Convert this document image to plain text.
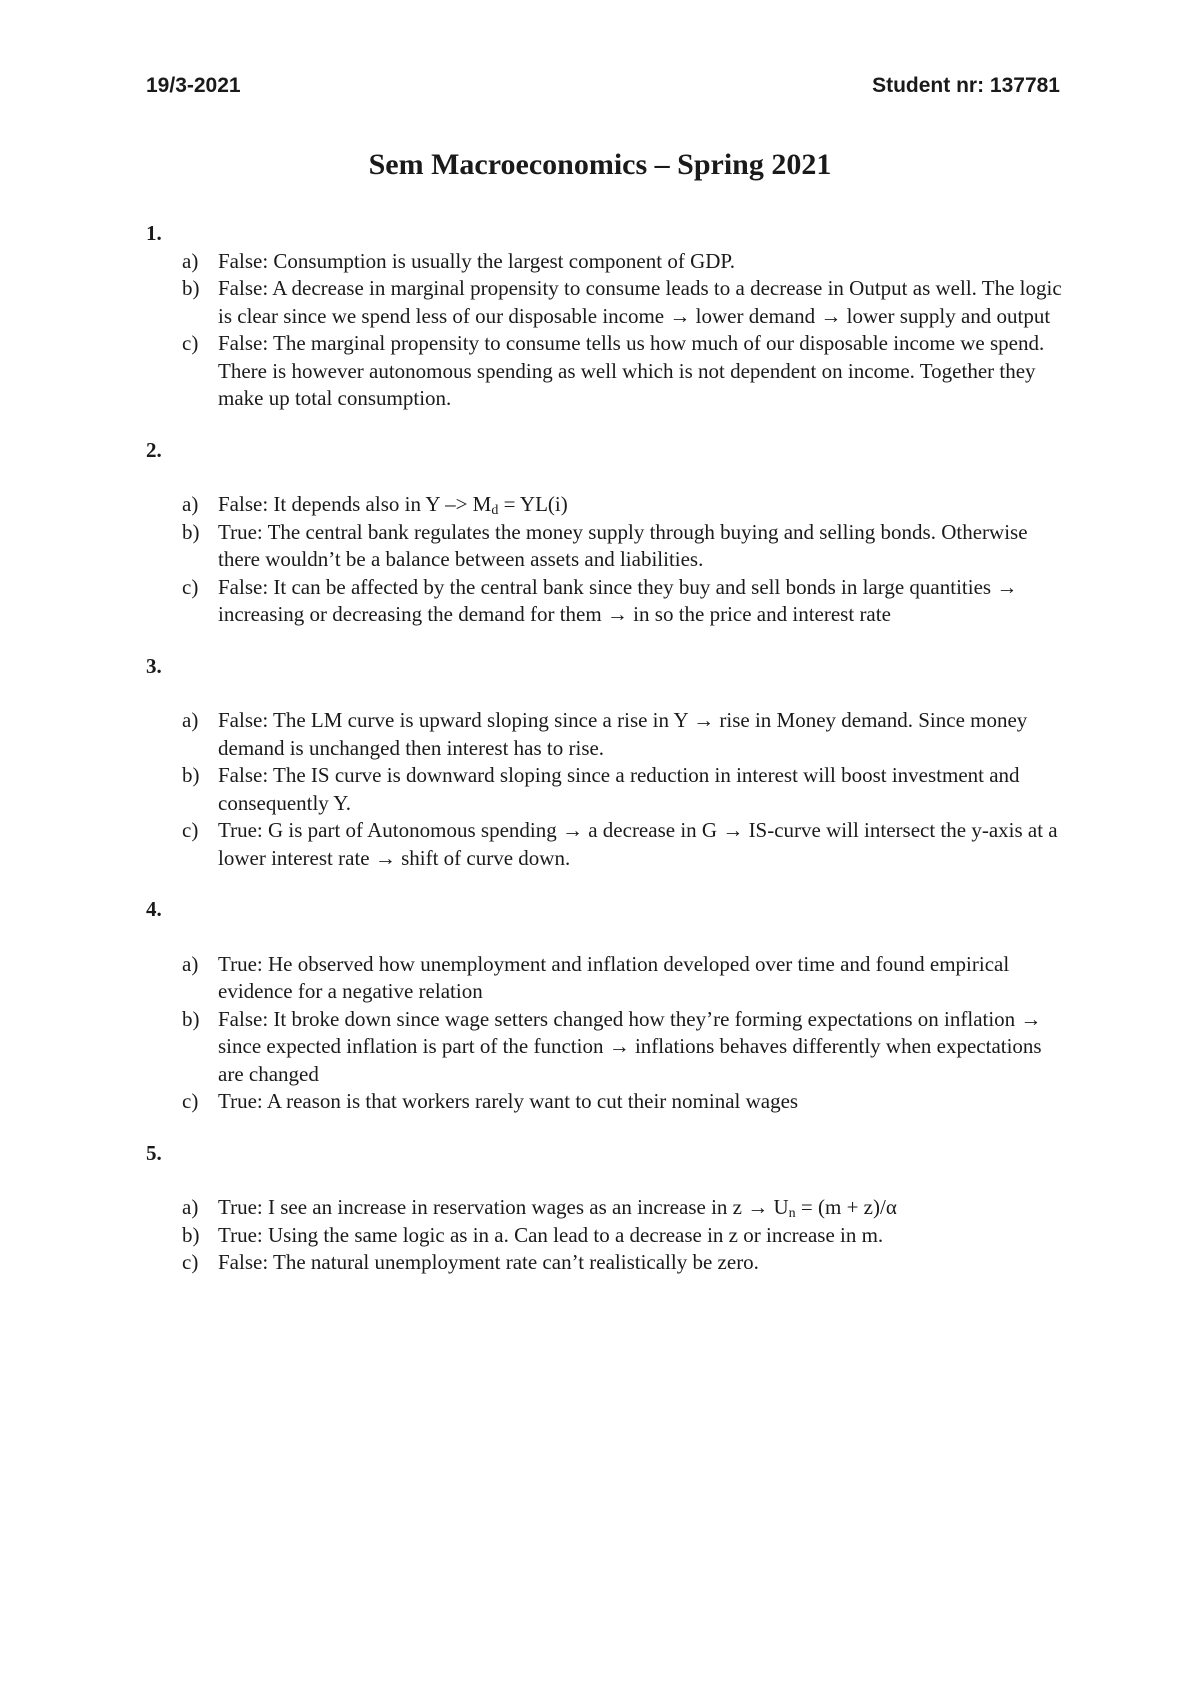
19/3-2021	Student nr: 137781
Sem Macroeconomics – Spring 2021
1.
a) False: Consumption is usually the largest component of GDP.
b) False: A decrease in marginal propensity to consume leads to a decrease in Output as well. The logic is clear since we spend less of our disposable income → lower demand → lower supply and output
c) False: The marginal propensity to consume tells us how much of our disposable income we spend. There is however autonomous spending as well which is not dependent on income. Together they make up total consumption.
2.
a) False: It depends also in $Y -> M_d = YL(i)$
b) True: The central bank regulates the money supply through buying and selling bonds. Otherwise there wouldn’t be a balance between assets and liabilities.
c) False: It can be affected by the central bank since they buy and sell bonds in large quantities → increasing or decreasing the demand for them → in so the price and interest rate
3.
a) False: The LM curve is upward sloping since a rise in Y → rise in Money demand. Since money demand is unchanged then interest has to rise.
b) False: The IS curve is downward sloping since a reduction in interest will boost investment and consequently Y.
c) True: G is part of Autonomous spending → a decrease in G → IS-curve will intersect the y-axis at a lower interest rate → shift of curve down.
4.
a) True: He observed how unemployment and inflation developed over time and found empirical evidence for a negative relation
b) False: It broke down since wage setters changed how they’re forming expectations on inflation → since expected inflation is part of the function → inflations behaves differently when expectations are changed
c) True: A reason is that workers rarely want to cut their nominal wages
5.
a) True: I see an increase in reservation wages as an increase in $z \to U_n = (m + z)/\alpha$
b) True: Using the same logic as in a. Can lead to a decrease in z or increase in m.
c) False: The natural unemployment rate can’t realistically be zero.
